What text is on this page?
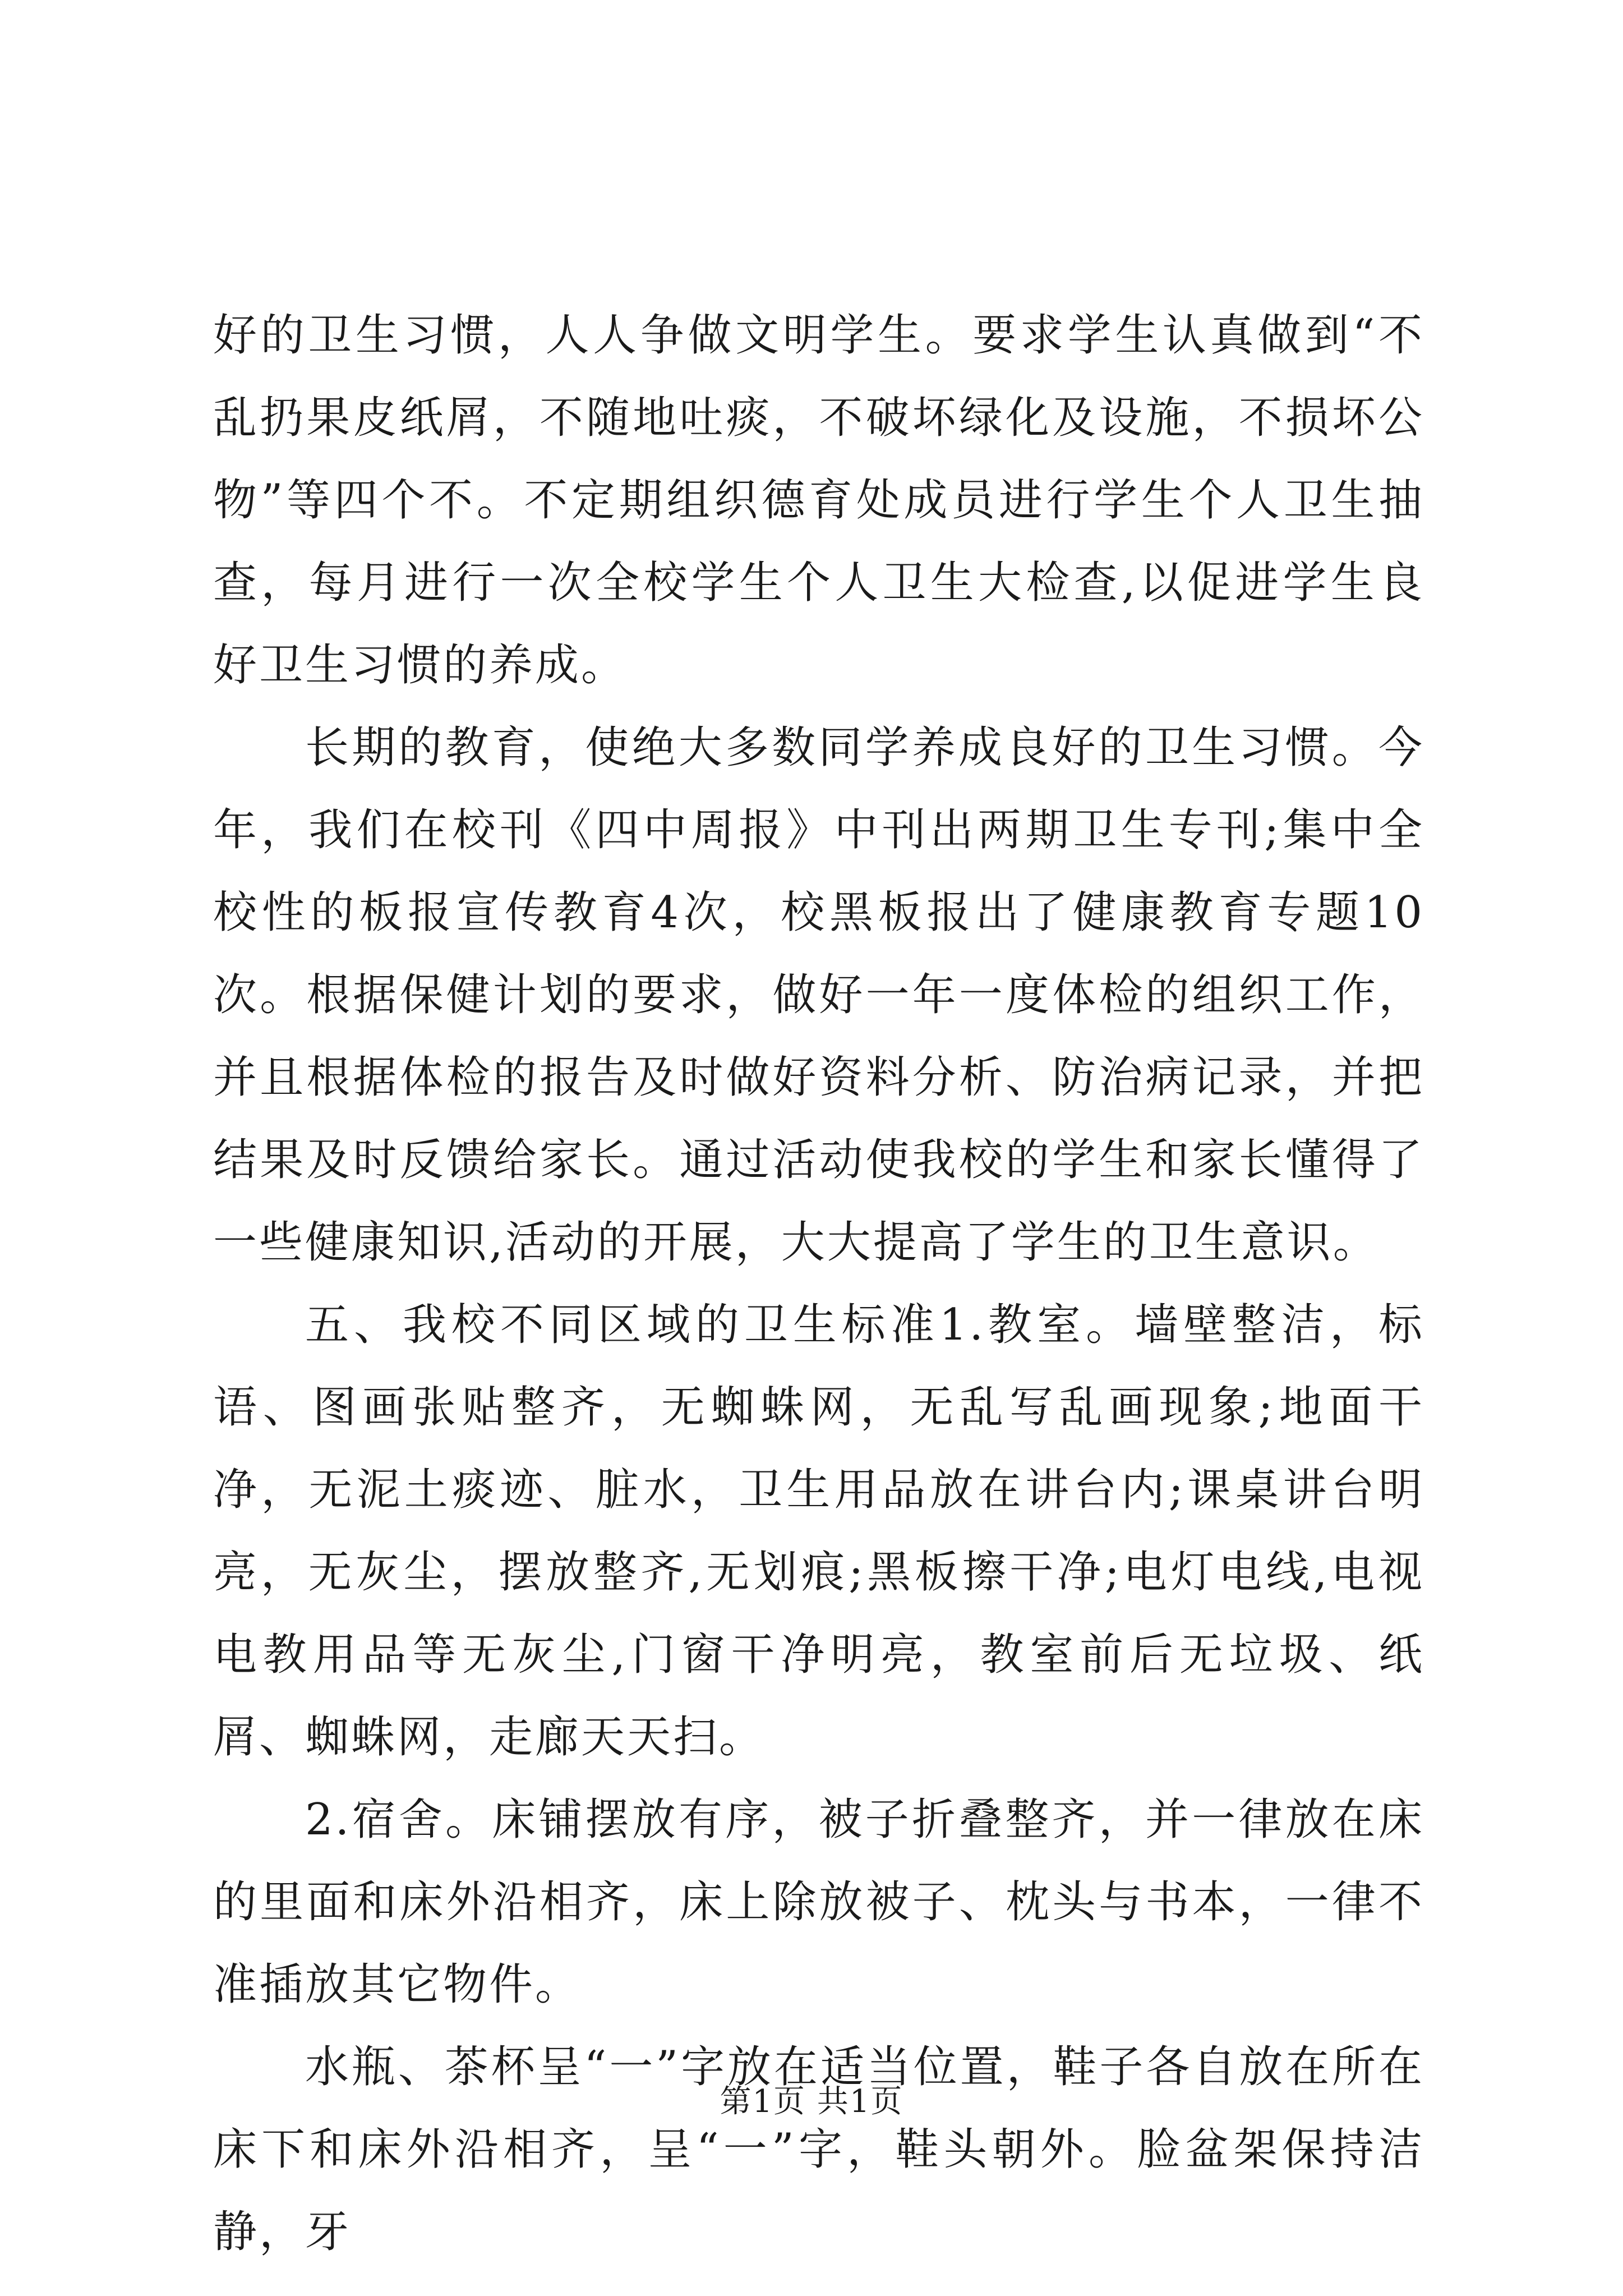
好的卫生习惯，人人争做文明学生。要求学生认真做到“不乱扔果皮纸屑，不随地吐痰，不破坏绿化及设施，不损坏公物”等四个不。不定期组织德育处成员进行学生个人卫生抽查，每月进行一次全校学生个人卫生大检查,以促进学生良好卫生习惯的养成。

长期的教育，使绝大多数同学养成良好的卫生习惯。今年，我们在校刊《四中周报》中刊出两期卫生专刊;集中全校性的板报宣传教育4次，校黑板报出了健康教育专题10次。根据保健计划的要求，做好一年一度体检的组织工作，并且根据体检的报告及时做好资料分析、防治病记录，并把结果及时反馈给家长。通过活动使我校的学生和家长懂得了一些健康知识,活动的开展，大大提高了学生的卫生意识。

五、我校不同区域的卫生标准1.教室。墙壁整洁，标语、图画张贴整齐，无蜘蛛网，无乱写乱画现象;地面干净，无泥土痰迹、脏水，卫生用品放在讲台内;课桌讲台明亮，无灰尘，摆放整齐,无划痕;黑板擦干净;电灯电线,电视电教用品等无灰尘,门窗干净明亮，教室前后无垃圾、纸屑、蜘蛛网，走廊天天扫。

2.宿舍。床铺摆放有序，被子折叠整齐，并一律放在床的里面和床外沿相齐，床上除放被子、枕头与书本，一律不准插放其它物件。

水瓶、茶杯呈“一”字放在适当位置，鞋子各自放在所在床下和床外沿相齐，呈“一”字，鞋头朝外。脸盆架保持洁静，牙

第1页 共1页
